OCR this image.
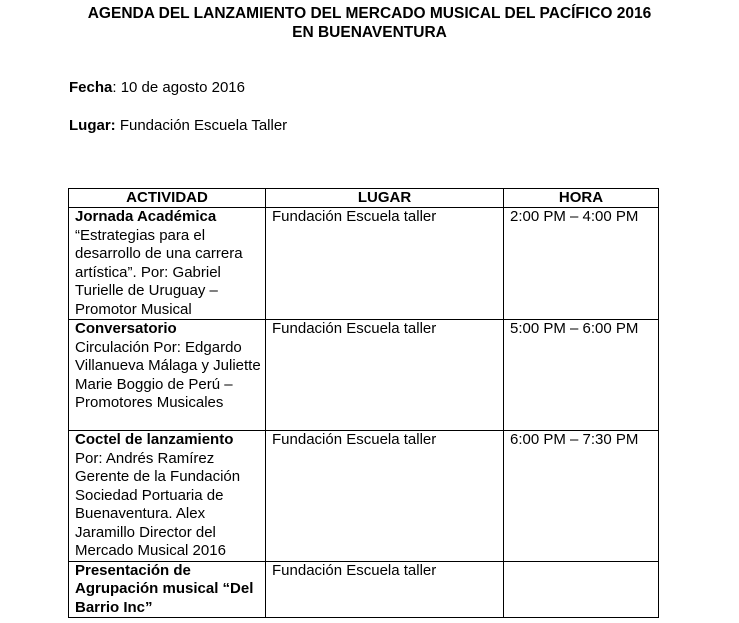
AGENDA DEL LANZAMIENTO DEL MERCADO MUSICAL DEL PACÍFICO 2016
EN BUENAVENTURA
Fecha: 10 de agosto 2016
Lugar: Fundación Escuela Taller
ACTIVIDAD	LUGAR	HORA

Jornada Académica
“Estrategias para el desarrollo de una carrera artística”. Por: Gabriel Turielle de Uruguay – Promotor Musical	Fundación Escuela taller	2:00 PM – 4:00 PM

Conversatorio
Circulación Por: Edgardo Villanueva Málaga y Juliette Marie Boggio de Perú – Promotores Musicales	Fundación Escuela taller	5:00 PM – 6:00 PM

Coctel de lanzamiento
Por: Andrés Ramírez Gerente de la Fundación Sociedad Portuaria de Buenaventura. Alex Jaramillo Director del Mercado Musical 2016	Fundación Escuela taller	6:00 PM – 7:30 PM

Presentación de Agrupación musical “Del Barrio Inc”	Fundación Escuela taller	
